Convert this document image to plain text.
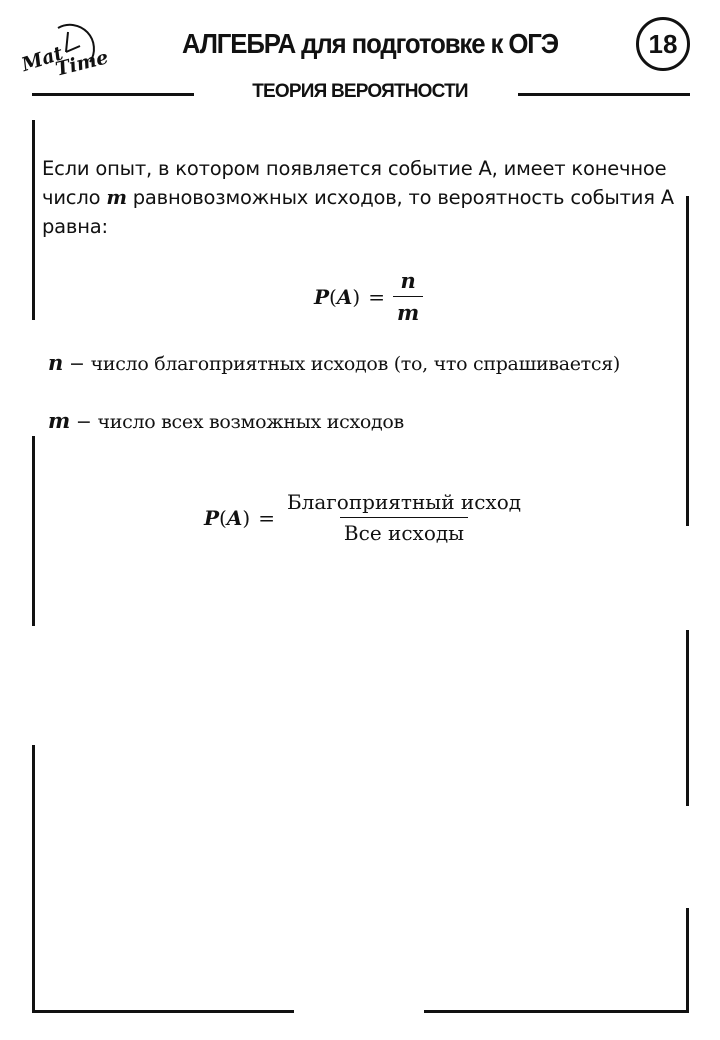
Mat
Time
АЛГЕБРА для подготовке к ОГЭ	18
ТЕОРИЯ ВЕРОЯТНОСТИ
Если опыт, в котором появляется событие А, имеет конечное число m равновозможных исходов, то вероятность события А равна:
$P(A) = \frac{n}{m}$
n − число благоприятных исходов (то, что спрашивается)
m − число всех возможных исходов
$P(A) = \frac{\text{Благоприятный исход}}{\text{Все исходы}}$
